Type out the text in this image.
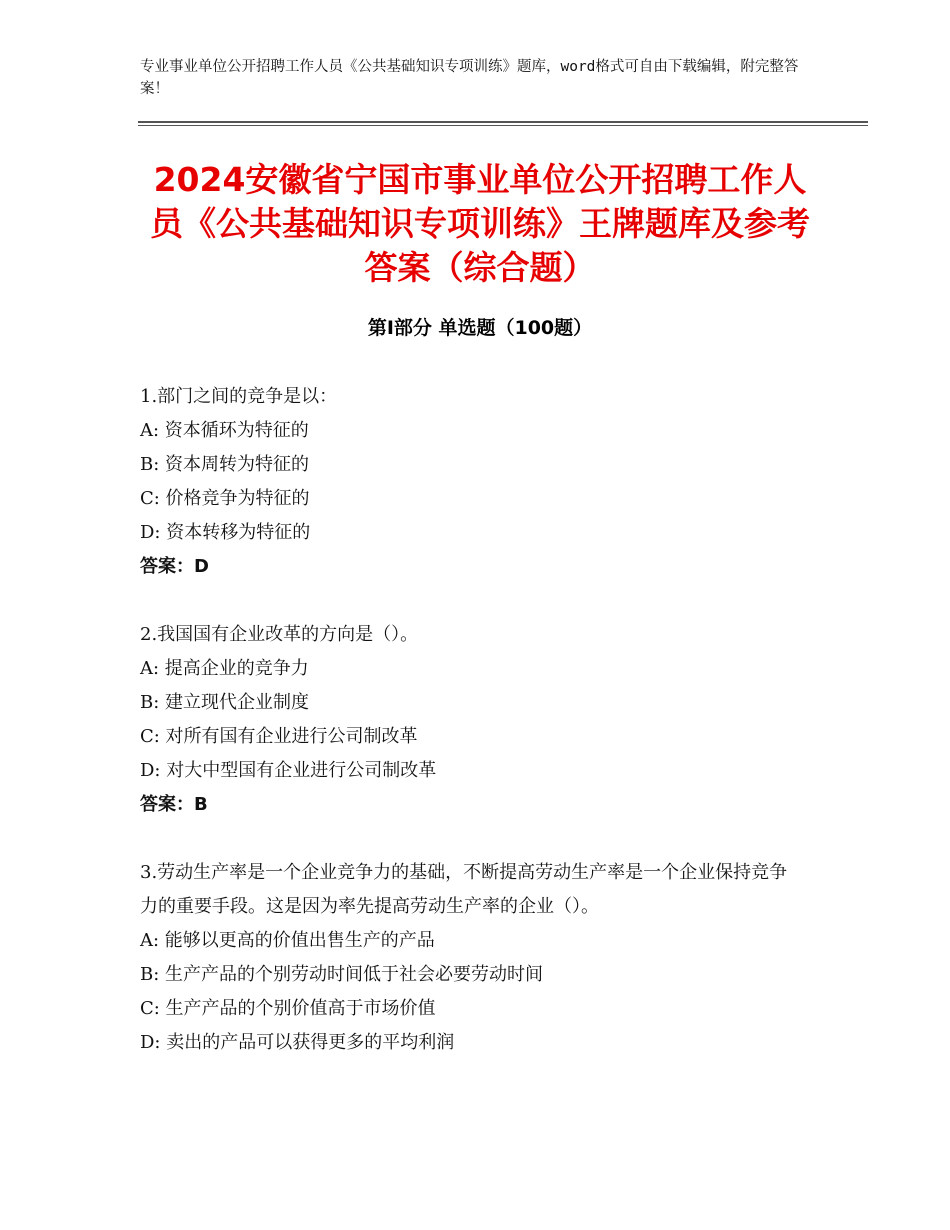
专业事业单位公开招聘工作人员《公共基础知识专项训练》题库，word格式可自由下载编辑，附完整答案！
2024安徽省宁国市事业单位公开招聘工作人员《公共基础知识专项训练》王牌题库及参考答案（综合题）
第Ⅰ部分 单选题（100题）
1.部门之间的竞争是以：
A: 资本循环为特征的
B: 资本周转为特征的
C: 价格竞争为特征的
D: 资本转移为特征的
答案：D
2.我国国有企业改革的方向是（）。
A: 提高企业的竞争力
B: 建立现代企业制度
C: 对所有国有企业进行公司制改革
D: 对大中型国有企业进行公司制改革
答案：B
3.劳动生产率是一个企业竞争力的基础，不断提高劳动生产率是一个企业保持竞争力的重要手段。这是因为率先提高劳动生产率的企业（）。
A: 能够以更高的价值出售生产的产品
B: 生产产品的个别劳动时间低于社会必要劳动时间
C: 生产产品的个别价值高于市场价值
D: 卖出的产品可以获得更多的平均利润
